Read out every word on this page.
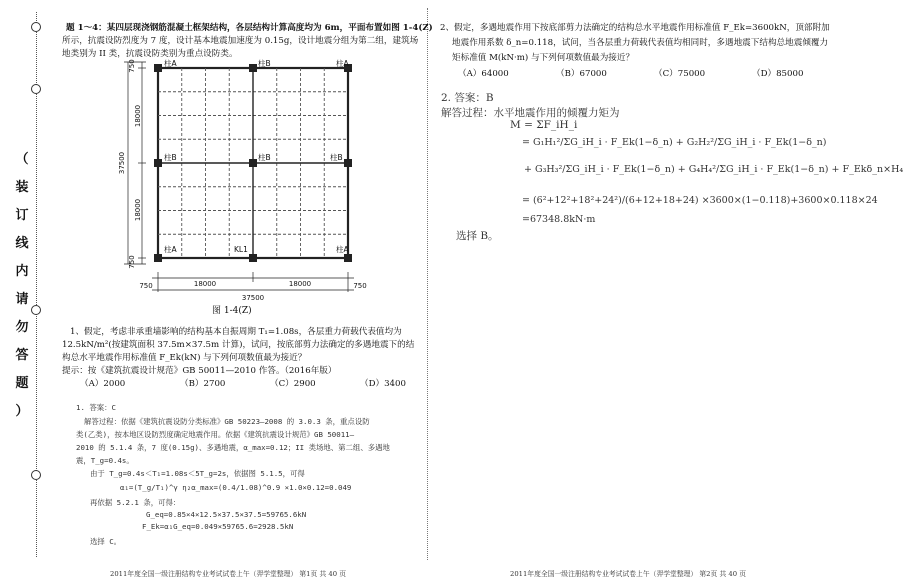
（
装
订
线
内
请
勿
答
题
）
题 1～4：某四层现浇钢筋混凝土框架结构，各层结构计算高度均为 6m，平面布置如图 1-4(Z)
所示，抗震设防烈度为 7 度，设计基本地震加速度为 0.15g，设计地震分组为第二组，建筑场
地类别为 II 类，抗震设防类别为重点设防类。
柱A	柱B	柱A
柱B	柱B	柱B
柱A	KL1	柱A
750
18000
18000
37500
750
750	18000	18000	750
37500
图 1-4(Z)
1、假定，考虑非承重墙影响的结构基本自振周期 T₁=1.08s，各层重力荷载代表值均为
12.5kN/m²(按建筑面积 37.5m×37.5m 计算)，试问，按底部剪力法确定的多遇地震下的结
构总水平地震作用标准值 F_Ek(kN) 与下列何项数值最为接近？
提示：按《建筑抗震设计规范》GB 50011—2010 作答。（2016年版）
（A）2000	（B）2700	（C）2900	（D）3400
1. 答案：C
解答过程：依据《建筑抗震设防分类标准》GB 50223—2008 的 3.0.3 条，重点设防
类(乙类)，按本地区设防烈度确定地震作用。依据《建筑抗震设计规范》GB 50011—
2010 的 5.1.4 条，7 度(0.15g)、多遇地震，α_max=0.12；II 类场地、第二组、多遇地
震，T_g=0.4s。
由于 T_g=0.4s＜T₁=1.08s＜5T_g=2s，依据图 5.1.5，可得
α₁=(T_g/T₁)^γ η₂α_max=(0.4/1.08)^0.9 ×1.0×0.12=0.049
再依据 5.2.1 条，可得：
G_eq=0.85×4×12.5×37.5×37.5=59765.6kN
F_Ek=α₁G_eq=0.049×59765.6=2928.5kN
选择 C。
2011年度全国一级注册结构专业考试试卷上午（羿学堂整理） 第1页 共 40 页
2、假定，多遇地震作用下按底部剪力法确定的结构总水平地震作用标准值 F_Ek=3600kN，顶部附加
地震作用系数 δ_n=0.118，试问，当各层重力荷载代表值均相同时，多遇地震下结构总地震倾覆力
矩标准值 M(kN·m) 与下列何项数值最为接近？
（A）64000	（B）67000	（C）75000	（D）85000
2. 答案：B
解答过程：水平地震作用的倾覆力矩为
M = ΣF_iH_i
= G₁H₁²/ΣG_iH_i · F_Ek(1−δ_n) + G₂H₂²/ΣG_iH_i · F_Ek(1−δ_n)
+ G₃H₃²/ΣG_iH_i · F_Ek(1−δ_n) + G₄H₄²/ΣG_iH_i · F_Ek(1−δ_n) + F_Ekδ_n×H₄
= (6²+12²+18²+24²)/(6+12+18+24) ×3600×(1−0.118)+3600×0.118×24
=67348.8kN·m
选择 B。
2011年度全国一级注册结构专业考试试卷上午（羿学堂整理） 第2页 共 40 页
